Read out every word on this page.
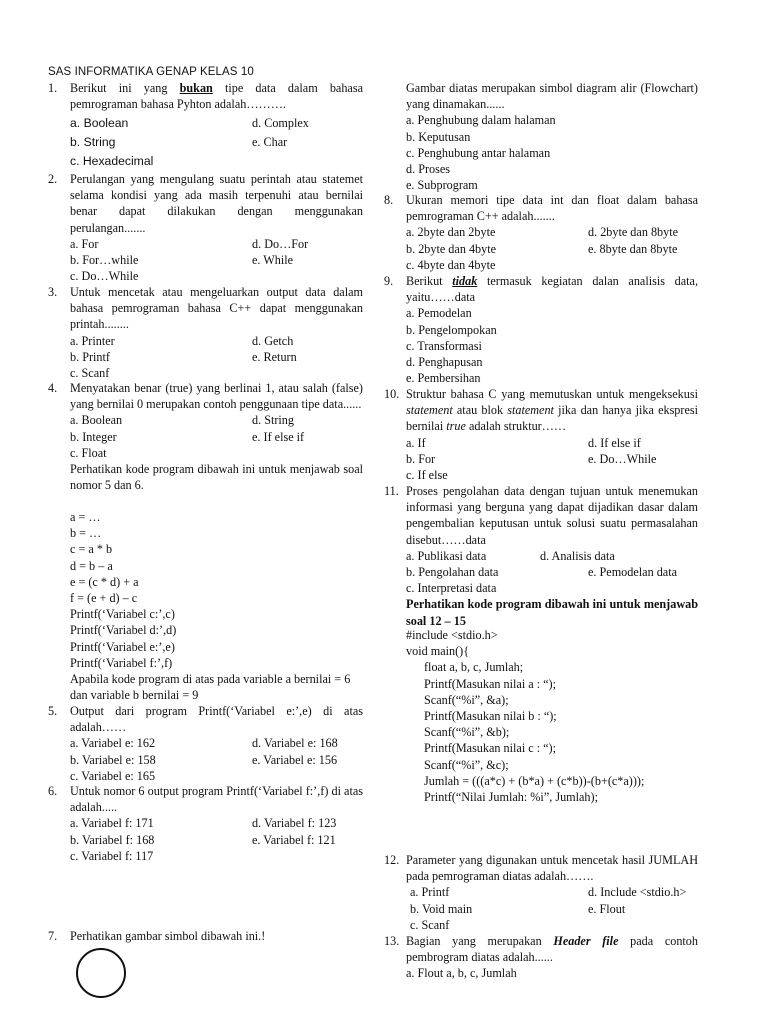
SAS INFORMATIKA GENAP KELAS 10
1. Berikut ini yang bukan tipe data dalam bahasa pemrograman bahasa Pyhton adalah……….
a. Boolean	d. Complex
b. String	e. Char
c. Hexadecimal
2. Perulangan yang mengulang suatu perintah atau statemet selama kondisi yang ada masih terpenuhi atau bernilai benar dapat dilakukan dengan menggunakan perulangan.......
a. For	d. Do…For
b. For…while	e. While
c. Do…While
3. Untuk mencetak atau mengeluarkan output data dalam bahasa pemrograman bahasa C++ dapat menggunakan printah........
a. Printer	d. Getch
b. Printf	e. Return
c. Scanf
4. Menyatakan benar (true) yang berlinai 1, atau salah (false) yang bernilai 0 merupakan contoh penggunaan tipe data......
a. Boolean	d. String
b. Integer	e. If else if
c. Float
Perhatikan kode program dibawah ini untuk menjawab soal nomor 5 dan 6.
a = …
b = …
c = a * b
d = b – a
e = (c * d) + a
f = (e + d) – c
Printf(‘Variabel c:’,c)
Printf(‘Variabel d:’,d)
Printf(‘Variabel e:’,e)
Printf(‘Variabel f:’,f)
Apabila kode program di atas pada variable a bernilai = 6 dan variable b bernilai = 9
5. Output dari program Printf(‘Variabel e:’,e) di atas adalah……
a. Variabel e: 162	d. Variabel e: 168
b. Variabel e: 158	e. Variabel e: 156
c. Variabel e: 165
6. Untuk nomor 6 output program Printf(‘Variabel f:’,f) di atas adalah.....
a. Variabel f: 171	d. Variabel f: 123
b. Variabel f: 168	e. Variabel f: 121
c. Variabel f: 117
7. Perhatikan gambar simbol dibawah ini.!
Gambar diatas merupakan simbol diagram alir (Flowchart) yang dinamakan......
a. Penghubung dalam halaman
b. Keputusan
c. Penghubung antar halaman
d. Proses
e. Subprogram
8. Ukuran memori tipe data int dan float dalam bahasa pemrograman C++ adalah.......
a. 2byte dan 2byte	d. 2byte dan 8byte
b. 2byte dan 4byte	e. 8byte dan 8byte
c. 4byte dan 4byte
9. Berikut tidak termasuk kegiatan dalan analisis data, yaitu……data
a. Pemodelan
b. Pengelompokan
c. Transformasi
d. Penghapusan
e. Pembersihan
10. Struktur bahasa C yang memutuskan untuk mengeksekusi statement atau blok statement jika dan hanya jika ekspresi bernilai true adalah struktur……
a. If	d. If else if
b. For	e. Do…While
c. If else
11. Proses pengolahan data dengan tujuan untuk menemukan informasi yang berguna yang dapat dijadikan dasar dalam pengembalian keputusan untuk solusi suatu permasalahan disebut……data
a. Publikasi data	d. Analisis data
b. Pengolahan data	e. Pemodelan data
c. Interpretasi data
Perhatikan kode program dibawah ini untuk menjawab soal 12 – 15
#include <stdio.h>
void main(){
float a, b, c, Jumlah;
Printf(Masukan nilai a : “);
Scanf(“%i”, &a);
Printf(Masukan nilai b : “);
Scanf(“%i”, &b);
Printf(Masukan nilai c : “);
Scanf(“%i”, &c);
Jumlah = (((a*c) + (b*a) + (c*b))-(b+(c*a)));
Printf(“Nilai Jumlah: %i”, Jumlah);
12. Parameter yang digunakan untuk mencetak hasil JUMLAH pada pemrograman diatas adalah…….
a. Printf	d. Include <stdio.h>
b. Void main	e. Flout
c. Scanf
13. Bagian yang merupakan Header file pada contoh pembrogram diatas adalah......
a. Flout a, b, c, Jumlah
